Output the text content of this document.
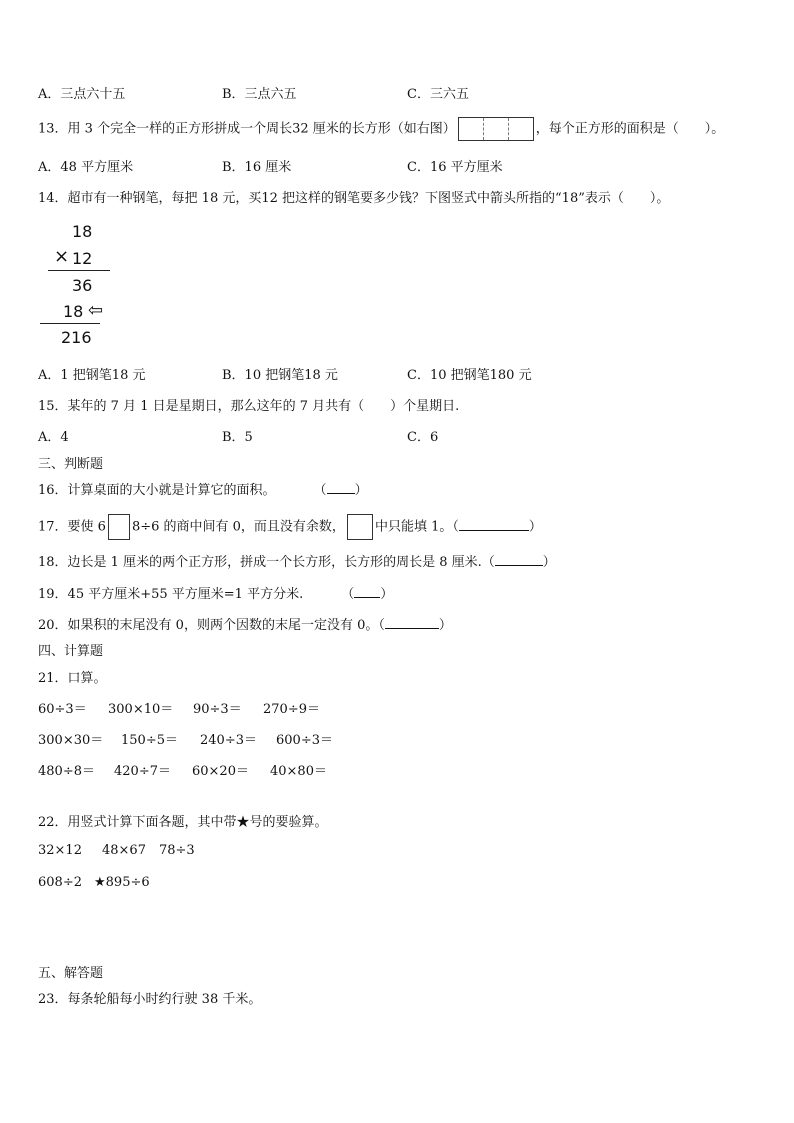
A．三点六十五	B．三点六五	C．三六五
13．用 3 个完全一样的正方形拼成一个周长32 厘米的长方形（如右图）	，每个正方形的面积是（　　）。
A．48 平方厘米	B．16 厘米	C．16 平方厘米
14．超市有一种钢笔，每把 18 元，买12 把这样的钢笔要多少钱？下图竖式中箭头所指的“18”表示（　　）。
18
× 12
36
18 ⇦
216
A．1 把钢笔18 元	B．10 把钢笔18 元	C．10 把钢笔180 元
15．某年的 7 月 1 日是星期日，那么这年的 7 月共有（　　）个星期日.
A．4	B．5	C．6
三、判断题
16．计算桌面的大小就是计算它的面积。	（ ）
17．要使 6 8÷6 的商中间有 0，而且没有余数， 中只能填 1。（	）
18．边长是 1 厘米的两个正方形，拼成一个长方形，长方形的周长是 8 厘米.（	）
19．45 平方厘米+55 平方厘米=1 平方分米.	（ ）
20．如果积的末尾没有 0，则两个因数的末尾一定没有 0。（	）
四、计算题
21．口算。
60÷3＝ 300×10＝ 90÷3＝ 270÷9＝
300×30＝ 150÷5＝ 240÷3＝ 600÷3＝
480÷8＝ 420÷7＝ 60×20＝ 40×80＝
22．用竖式计算下面各题，其中带★号的要验算。
32×12 48×67 78÷3
608÷2 ★895÷6
五、解答题
23．每条轮船每小时约行驶 38 千米。
